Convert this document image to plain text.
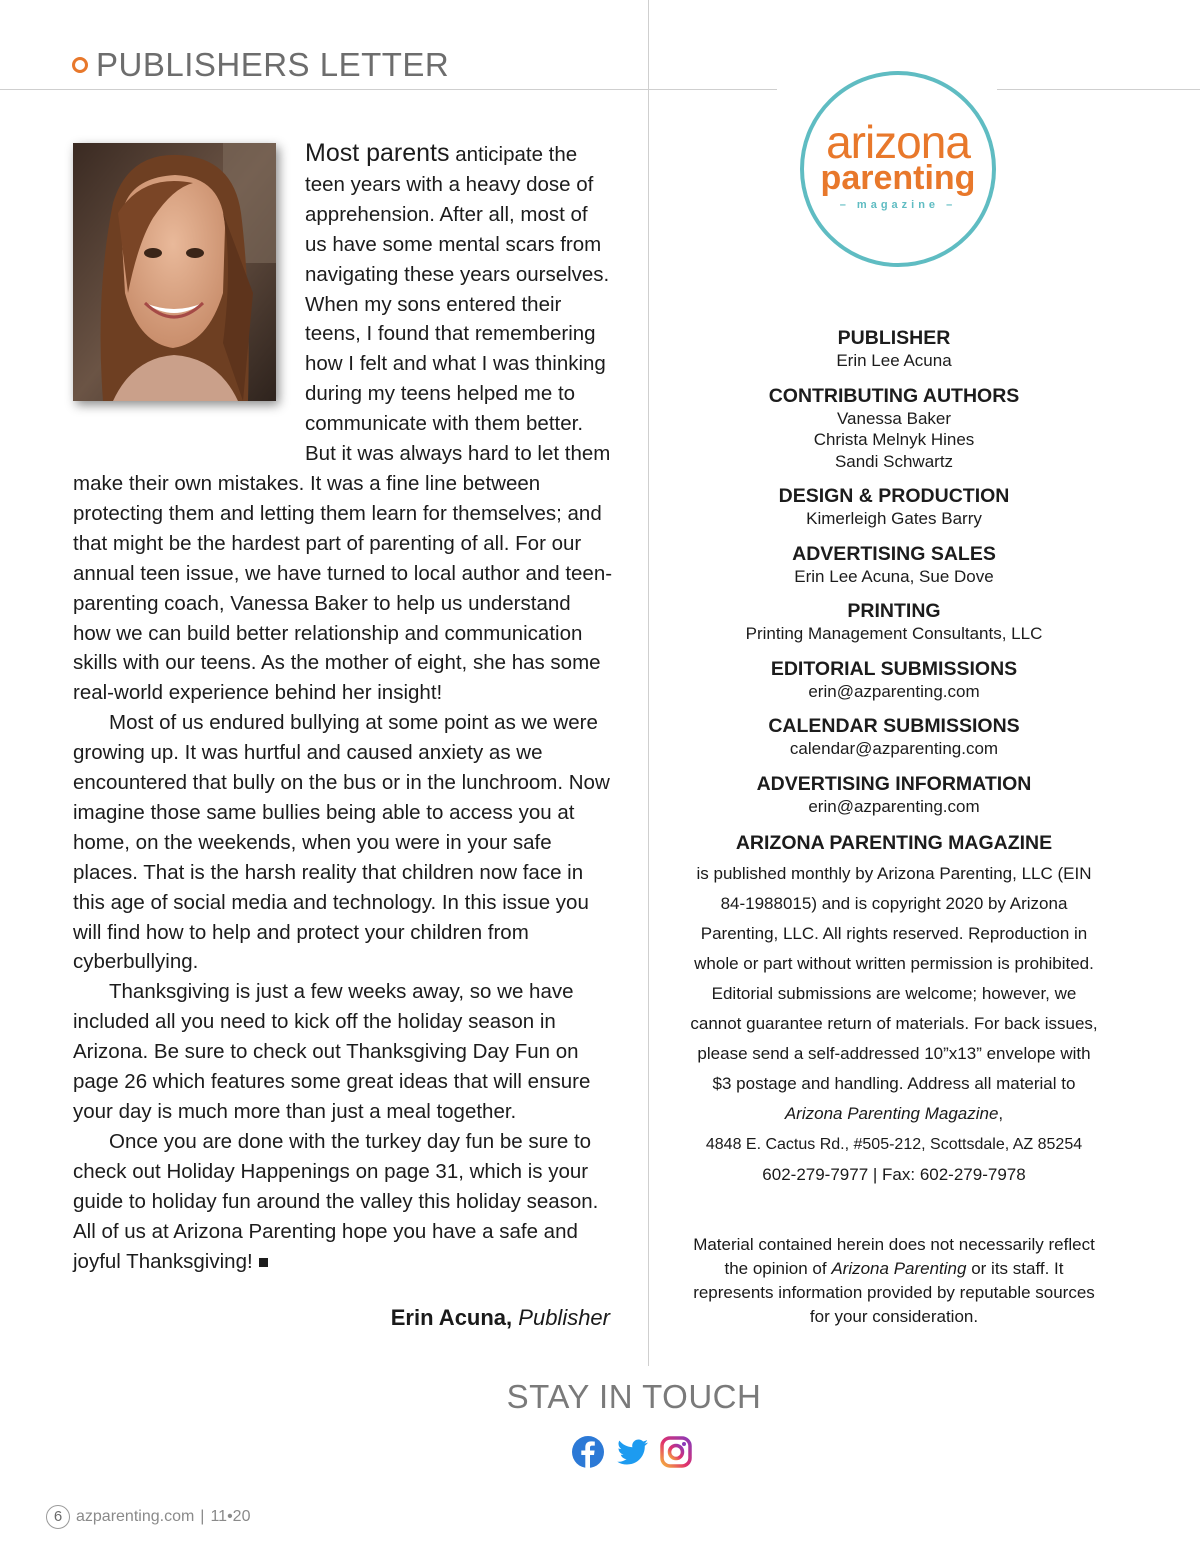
PUBLISHERS LETTER

Most parents anticipate the teen years with a heavy dose of apprehension. After all, most of us have some mental scars from navigating these years ourselves. When my sons entered their teens, I found that remembering how I felt and what I was thinking during my teens helped me to communicate with them better. But it was always hard to let them make their own mistakes. It was a fine line between protecting them and letting them learn for themselves; and that might be the hardest part of parenting of all. For our annual teen issue, we have turned to local author and teen-parenting coach, Vanessa Baker to help us understand how we can build better relationship and communication skills with our teens. As the mother of eight, she has some real-world experience behind her insight!

Most of us endured bullying at some point as we were growing up. It was hurtful and caused anxiety as we encountered that bully on the bus or in the lunchroom. Now imagine those same bullies being able to access you at home, on the weekends, when you were in your safe places. That is the harsh reality that children now face in this age of social media and technology. In this issue you will find how to help and protect your children from cyberbullying.

Thanksgiving is just a few weeks away, so we have included all you need to kick off the holiday season in Arizona. Be sure to check out Thanksgiving Day Fun on page 26 which features some great ideas that will ensure your day is much more than just a meal together.

Once you are done with the turkey day fun be sure to check out Holiday Happenings on page 31, which is your guide to holiday fun around the valley this holiday season. All of us at Arizona Parenting hope you have a safe and joyful Thanksgiving!

Erin Acuna, Publisher
arizona
parenting
– magazine –
PUBLISHER
Erin Lee Acuna
CONTRIBUTING AUTHORS
Vanessa Baker
Christa Melnyk Hines
Sandi Schwartz
DESIGN & PRODUCTION
Kimerleigh Gates Barry
ADVERTISING SALES
Erin Lee Acuna, Sue Dove
PRINTING
Printing Management Consultants, LLC
EDITORIAL SUBMISSIONS
erin@azparenting.com
CALENDAR SUBMISSIONS
calendar@azparenting.com
ADVERTISING INFORMATION
erin@azparenting.com
ARIZONA PARENTING MAGAZINE
is published monthly by Arizona Parenting, LLC (EIN 84-1988015) and is copyright 2020 by Arizona Parenting, LLC. All rights reserved. Reproduction in whole or part without written permission is prohibited. Editorial submissions are welcome; however, we cannot guarantee return of materials. For back issues, please send a self-addressed 10”x13” envelope with $3 postage and handling. Address all material to Arizona Parenting Magazine,
4848 E. Cactus Rd., #505-212, Scottsdale, AZ 85254
602-279-7977 | Fax: 602-279-7978
Material contained herein does not necessarily reflect the opinion of Arizona Parenting or its staff. It represents information provided by reputable sources for your consideration.
STAY IN TOUCH
6 azparenting.com | 11•20
